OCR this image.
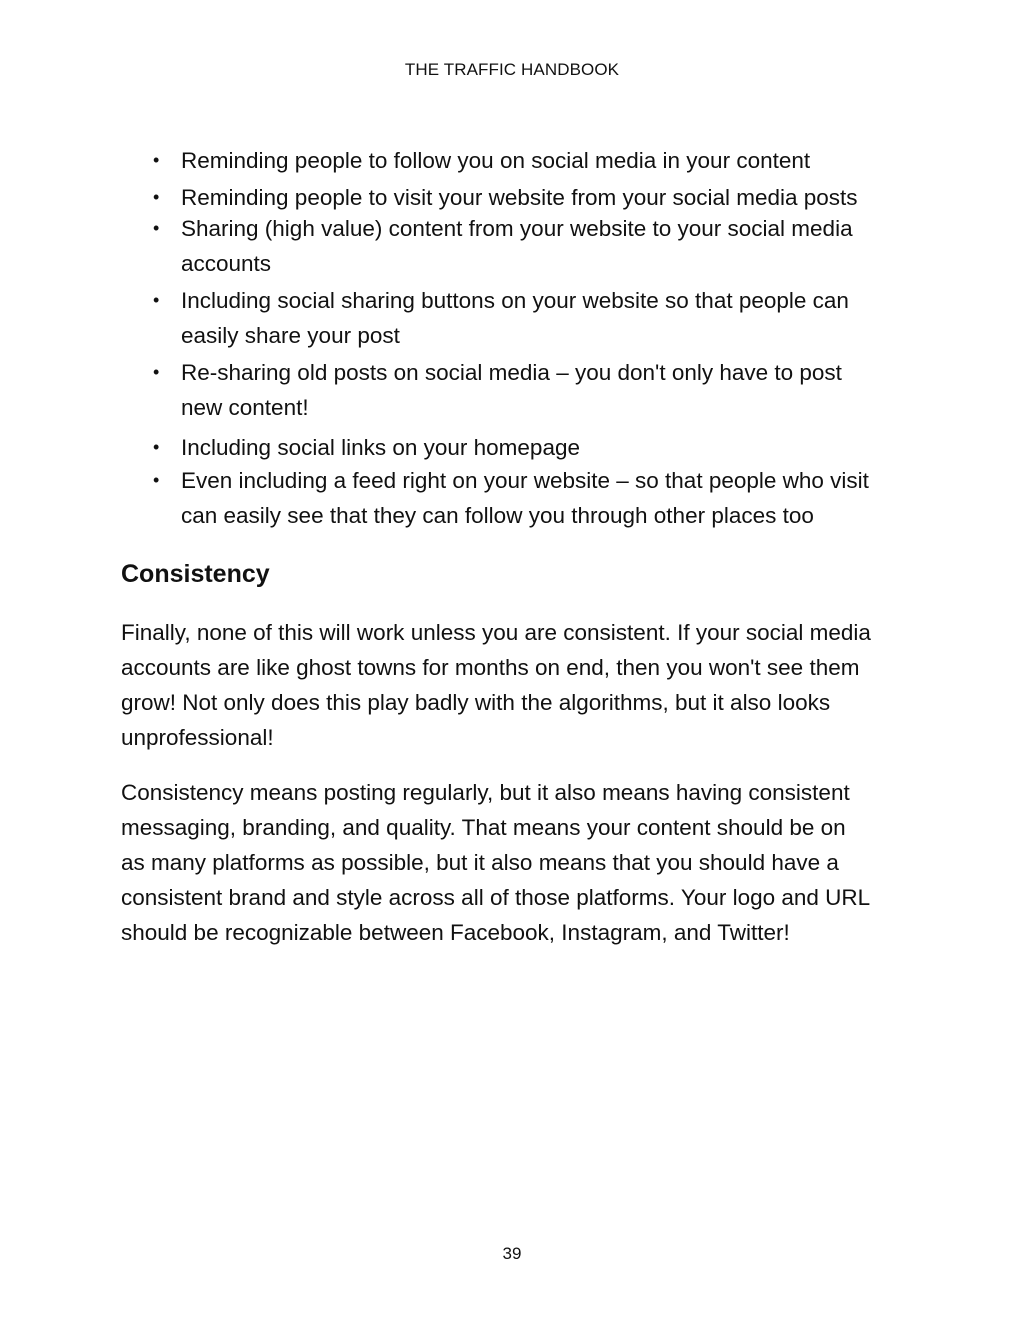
THE TRAFFIC HANDBOOK
• Reminding people to follow you on social media in your content
• Reminding people to visit your website from your social media posts
• Sharing (high value) content from your website to your social media
accounts
• Including social sharing buttons on your website so that people can
easily share your post
• Re-sharing old posts on social media – you don't only have to post
new content!
• Including social links on your homepage
• Even including a feed right on your website – so that people who visit
can easily see that they can follow you through other places too
Consistency

Finally, none of this will work unless you are consistent. If your social media
accounts are like ghost towns for months on end, then you won't see them
grow! Not only does this play badly with the algorithms, but it also looks
unprofessional!

Consistency means posting regularly, but it also means having consistent
messaging, branding, and quality. That means your content should be on
as many platforms as possible, but it also means that you should have a
consistent brand and style across all of those platforms. Your logo and URL
should be recognizable between Facebook, Instagram, and Twitter!

39
